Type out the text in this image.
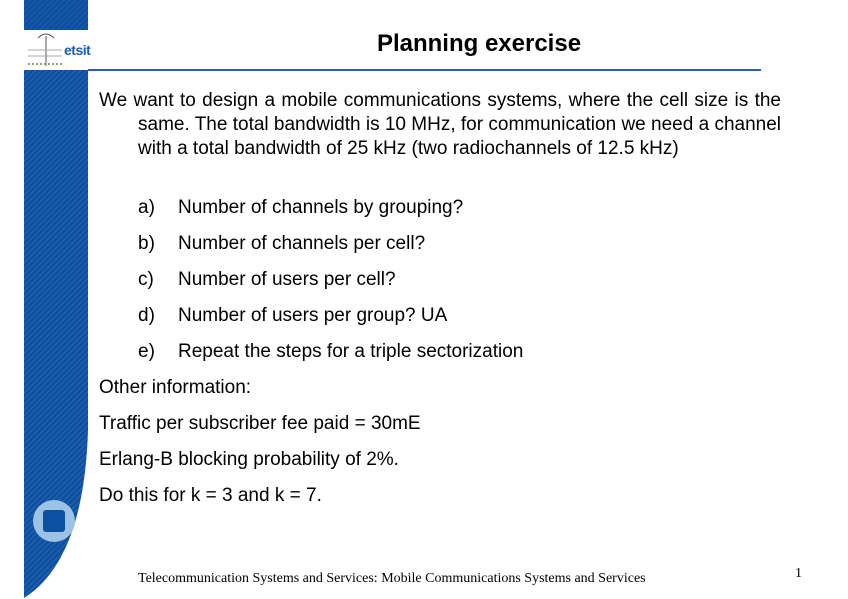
etsit	Planning exercise

We want to design a mobile communications systems, where the cell size is the same. The total bandwidth is 10 MHz, for communication we need a channel with a total bandwidth of 25 kHz (two radiochannels of 12.5 kHz)

a) Number of channels by grouping?
b) Number of channels per cell?
c) Number of users per cell?
d) Number of users per group? UA
e) Repeat the steps for a triple sectorization
Other information:
Traffic per subscriber fee paid = 30mE
Erlang-B blocking probability of 2%.
Do this for k = 3 and k = 7.
Telecommunication Systems and Services: Mobile Communications Systems and Services	1
